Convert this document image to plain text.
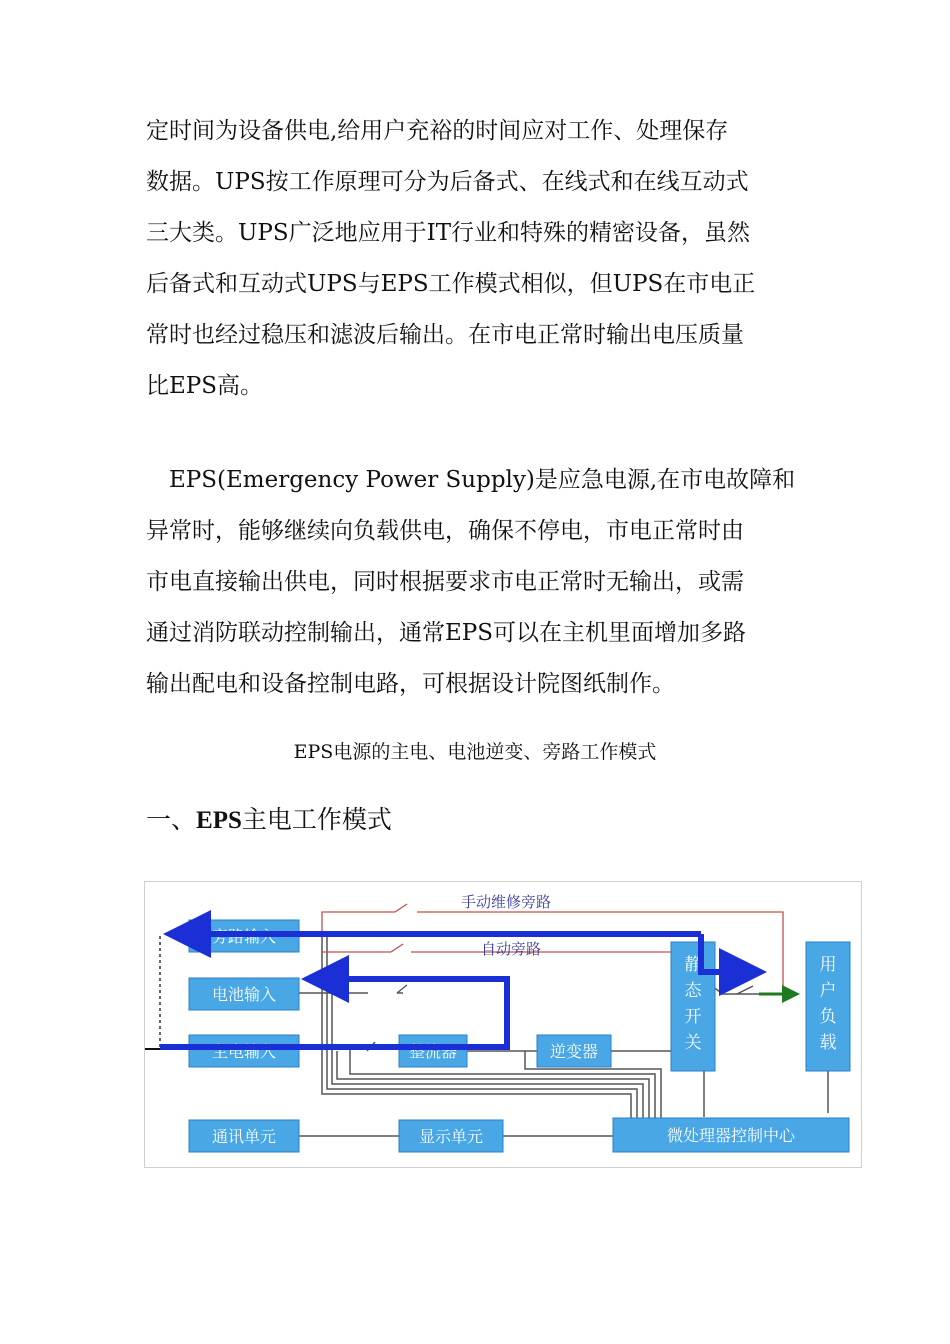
定时间为设备供电,给用户充裕的时间应对工作、处理保存
数据。UPS按工作原理可分为后备式、在线式和在线互动式
三大类。UPS广泛地应用于IT行业和特殊的精密设备，虽然
后备式和互动式UPS与EPS工作模式相似，但UPS在市电正
常时也经过稳压和滤波后输出。在市电正常时输出电压质量
比EPS高。
　EPS(Emergency Power Supply)是应急电源,在市电故障和
异常时，能够继续向负载供电，确保不停电，市电正常时由
市电直接输出供电，同时根据要求市电正常时无输出，或需
通过消防联动控制输出，通常EPS可以在主机里面增加多路
输出配电和设备控制电路，可根据设计院图纸制作。

EPS电源的主电、电池逆变、旁路工作模式

一、EPS主电工作模式

旁路输入
电池输入
主电输入	整流器	逆变器
通讯单元	显示单元	微处理器控制中心
静
态
开
关
用
户
负
载
手动维修旁路
自动旁路
